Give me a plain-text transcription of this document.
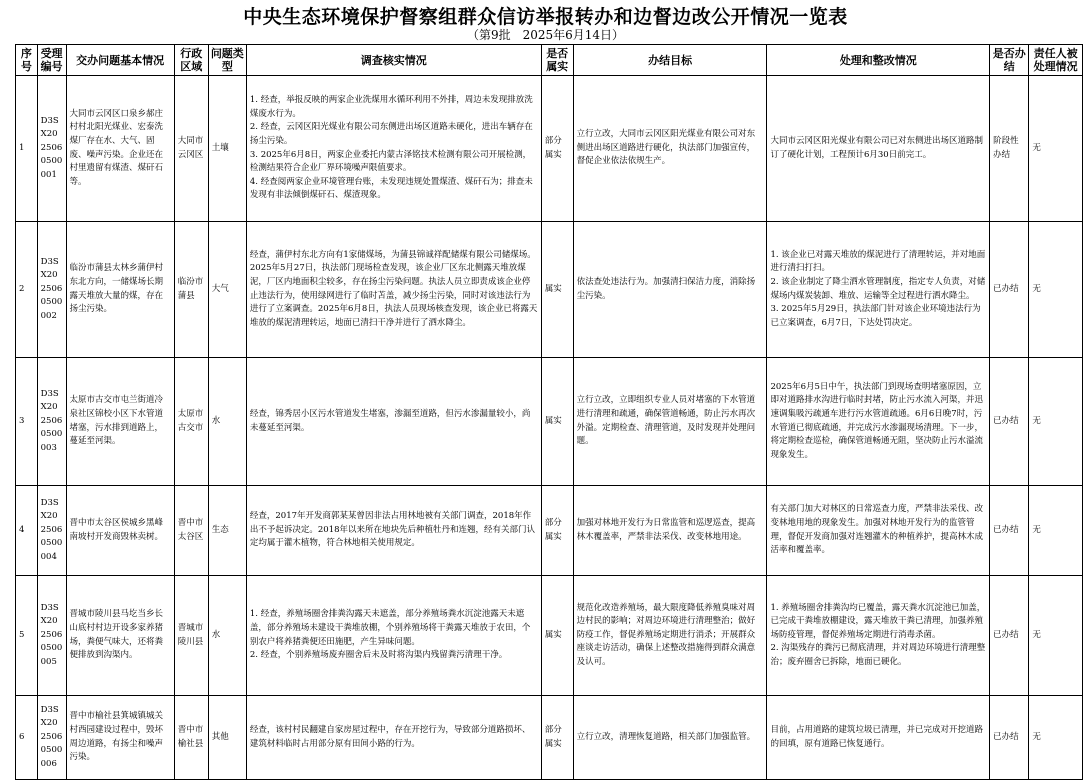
中央生态环境保护督察组群众信访举报转办和边督边改公开情况一览表
（第9批　2025年6月14日）
序号	受理编号	交办问题基本情况	行政区域	问题类型	调查核实情况	是否属实	办结目标	处理和整改情况	是否办结	责任人被处理情况
1	D3SX2025060500001	大同市云冈区口泉乡郝庄村村北阳光煤业、宏泰洗煤厂存在水、大气、固废、噪声污染。企业还在村里遗留有煤渣、煤矸石等。	大同市云冈区	土壤	1. 经查，举报反映的两家企业洗煤用水循环利用不外排，周边未发现排放洗煤废水行为。
2. 经查，云冈区阳光煤业有限公司东侧进出场区道路未硬化，进出车辆存在扬尘污染。
3. 2025年6月8日，两家企业委托内蒙古泽铭技术检测有限公司开展检测，检测结果符合企业厂界环境噪声限值要求。
4. 经查阅两家企业环境管理台账，未发现违规处置煤渣、煤矸石为；排查未发现有非法倾倒煤矸石、煤渣现象。	部分属实	立行立改，大同市云冈区阳光煤业有限公司对东侧进出场区道路进行硬化，执法部门加强宣传，督促企业依法依规生产。	大同市云冈区阳光煤业有限公司已对东侧进出场区道路制订了硬化计划，工程预计6月30日前完工。	阶段性办结	无
2	D3SX2025060500002	临汾市蒲县太林乡蒲伊村东北方向，一储煤场长期露天堆放大量的煤，存在扬尘污染。	临汾市蒲县	大气	经查，蒲伊村东北方向有1家储煤场，为蒲县锦诚祥配储煤有限公司储煤场。2025年5月27日，执法部门现场检查发现，该企业厂区东北侧露天堆放煤泥，厂区内地面积尘较多，存在扬尘污染问题。执法人员立即责成该企业停止违法行为，使用绿网进行了临时苫盖，减少扬尘污染，同时对该违法行为进行了立案调查。2025年6月8日，执法人员现场核查发现，该企业已将露天堆放的煤泥清理转运，地面已清扫干净并进行了洒水降尘。	属实	依法查处违法行为。加强清扫保洁力度，消除扬尘污染。	1. 该企业已对露天堆放的煤泥进行了清理转运，并对地面进行清扫打扫。
2. 该企业制定了降尘洒水管理制度，指定专人负责，对储煤场内煤炭装卸、堆放、运输等全过程进行洒水降尘。
3. 2025年5月29日，执法部门针对该企业环境违法行为已立案调查，6月7日，下达处罚决定。	已办结	无
3	D3SX2025060500003	太原市古交市屯兰街道冷泉社区锦校小区下水管道堵塞，污水排到道路上，蔓延至河渠。	太原市古交市	水	经查，锦秀居小区污水管道发生堵塞，渗漏至道路，但污水渗漏量较小，尚未蔓延至河渠。	属实	立行立改，立即组织专业人员对堵塞的下水管道进行清理和疏通，确保管道畅通，防止污水再次外溢。定期检查、清理管道，及时发现并处理问题。	2025年6月5日中午，执法部门到现场查明堵塞原因，立即对道路排水沟进行临时封堵，防止污水流入河渠，并迅速调集吸污疏通车进行污水管道疏通。6月6日晚7时，污水管道已彻底疏通，并完成污水渗漏现场清理。下一步，将定期检查巡检，确保管道畅通无阻，坚决防止污水溢流现象发生。	已办结	无
4	D3SX2025060500004	晋中市太谷区侯城乡黑峰南坡村开发商毁林卖树。	晋中市太谷区	生态	经查，2017年开发商郭某某曾因非法占用林地被有关部门调查，2018年作出不予起诉决定。2018年以来所在地块先后种植牡丹和连翘，经有关部门认定均属于灌木植物，符合林地相关使用规定。	部分属实	加强对林地开发行为日常监管和巡逻巡查，提高林木覆盖率，严禁非法采伐、改变林地用途。	有关部门加大对林区的日常巡查力度，严禁非法采伐、改变林地用地的现象发生。加强对林地开发行为的监管管理，督促开发商加强对连翘灌木的种植养护，提高林木成活率和覆盖率。	已办结	无
5	D3SX2025060500005	晋城市陵川县马圪当乡长山底村村边开设多家养猪场，粪便气味大，还将粪便排放到沟渠内。	晋城市陵川县	水	1. 经查，养殖场圈舍排粪沟露天未遮盖，部分养殖场粪水沉淀池露天未遮盖，部分养殖场未建设干粪堆放棚，个别养殖场将干粪露天堆放于农田，个别农户将养猪粪便还田施肥，产生异味问题。
2. 经查，个别养殖场废弃圈舍后未及时将沟渠内残留粪污清理干净。	属实	规范化改造养殖场，最大限度降低养殖臭味对周边村民的影响；对周边环境进行清理整治；做好防疫工作，督促养殖场定期进行消杀；开展群众座谈走访活动，确保上述整改措施得到群众满意及认可。	1. 养殖场圈舍排粪沟均已覆盖，露天粪水沉淀池已加盖，已完成干粪堆放棚建设，露天堆放干粪已清理，加强养殖场防疫管理，督促养殖场定期进行消毒杀菌。
2. 沟渠残存的粪污已彻底清理，并对周边环境进行清理整治；废弃圈舍已拆除，地面已硬化。	已办结	无
6	D3SX2025060500006	晋中市榆社县箕城镇城关村西园建设过程中，毁坏周边道路，有扬尘和噪声污染。	晋中市榆社县	其他	经查，该村村民翻建自家房屋过程中，存在开挖行为，导致部分道路损坏、建筑材料临时占用部分原有田间小路的行为。	部分属实	立行立改，清理恢复道路，相关部门加强监管。	目前，占用道路的建筑垃圾已清理，并已完成对开挖道路的回填，原有道路已恢复通行。	已办结	无
